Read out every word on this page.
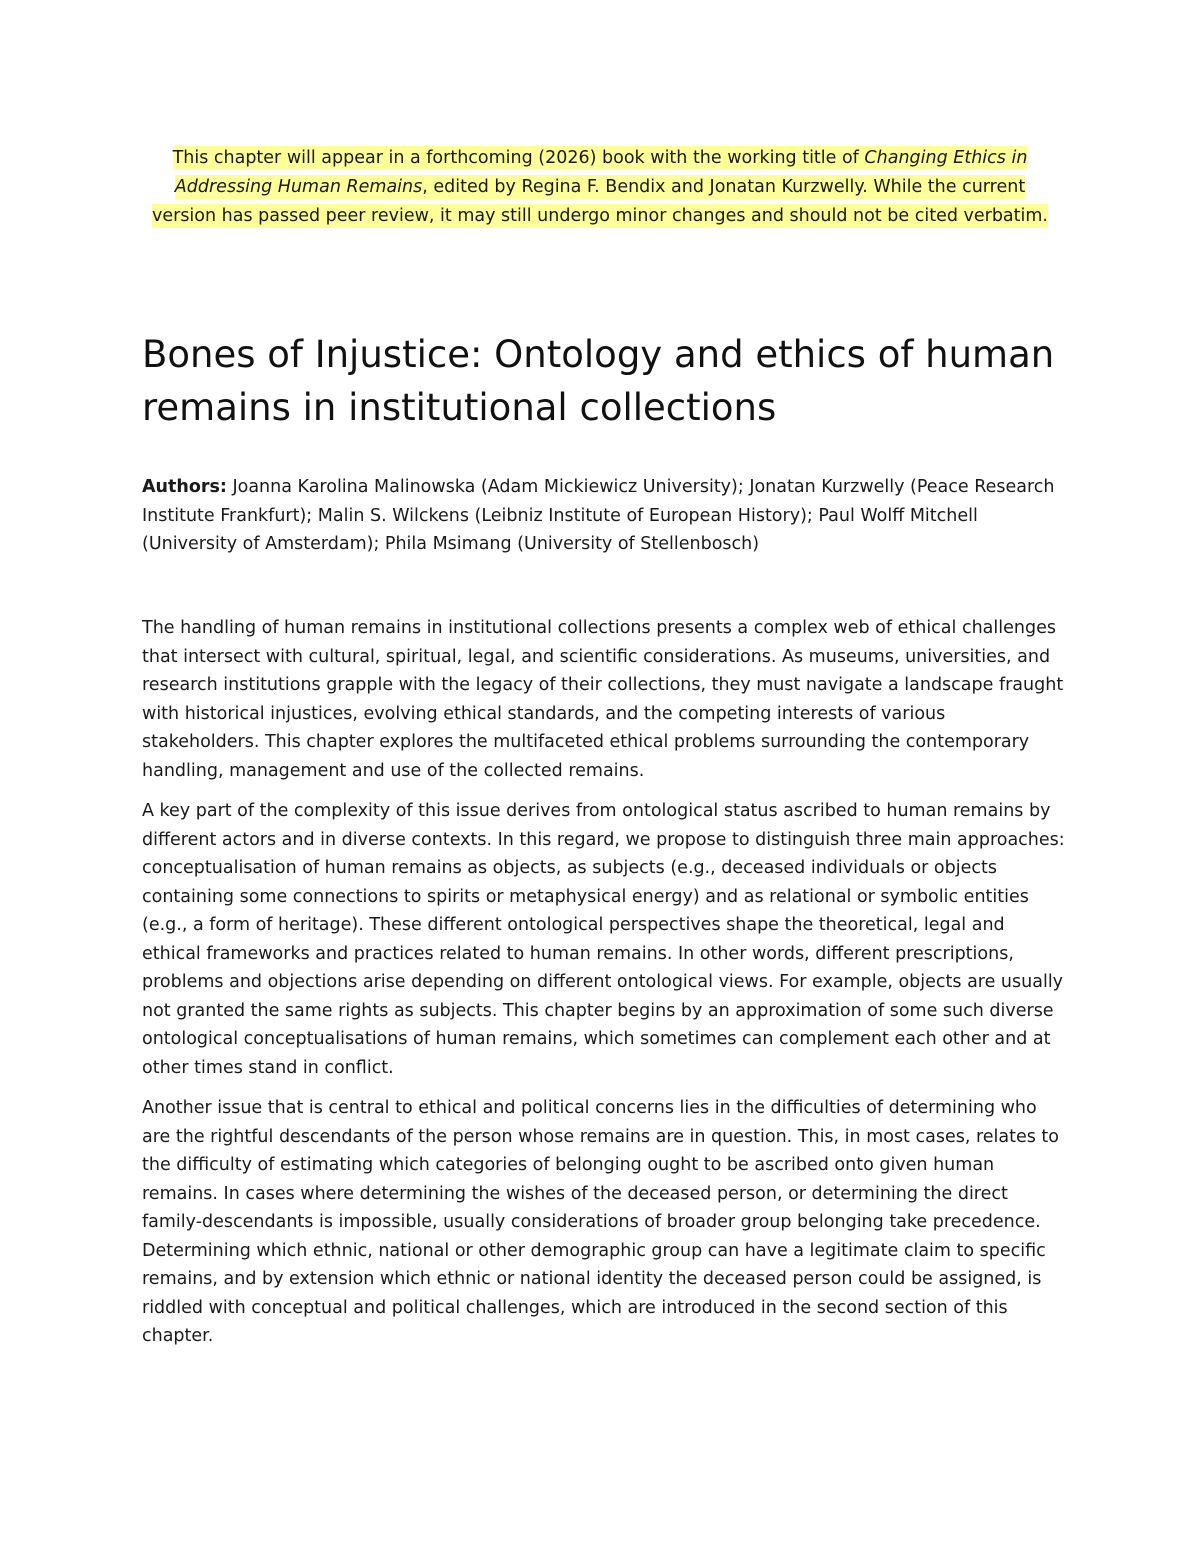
This chapter will appear in a forthcoming (2026) book with the working title of Changing Ethics in Addressing Human Remains, edited by Regina F. Bendix and Jonatan Kurzwelly. While the current version has passed peer review, it may still undergo minor changes and should not be cited verbatim.
Bones of Injustice: Ontology and ethics of human remains in institutional collections

Authors: Joanna Karolina Malinowska (Adam Mickiewicz University); Jonatan Kurzwelly (Peace Research Institute Frankfurt); Malin S. Wilckens (Leibniz Institute of European History); Paul Wolff Mitchell (University of Amsterdam); Phila Msimang (University of Stellenbosch)

The handling of human remains in institutional collections presents a complex web of ethical challenges that intersect with cultural, spiritual, legal, and scientific considerations. As museums, universities, and research institutions grapple with the legacy of their collections, they must navigate a landscape fraught with historical injustices, evolving ethical standards, and the competing interests of various stakeholders. This chapter explores the multifaceted ethical problems surrounding the contemporary handling, management and use of the collected remains.

A key part of the complexity of this issue derives from ontological status ascribed to human remains by different actors and in diverse contexts. In this regard, we propose to distinguish three main approaches: conceptualisation of human remains as objects, as subjects (e.g., deceased individuals or objects containing some connections to spirits or metaphysical energy) and as relational or symbolic entities (e.g., a form of heritage). These different ontological perspectives shape the theoretical, legal and ethical frameworks and practices related to human remains. In other words, different prescriptions, problems and objections arise depending on different ontological views. For example, objects are usually not granted the same rights as subjects. This chapter begins by an approximation of some such diverse ontological conceptualisations of human remains, which sometimes can complement each other and at other times stand in conflict.

Another issue that is central to ethical and political concerns lies in the difficulties of determining who are the rightful descendants of the person whose remains are in question. This, in most cases, relates to the difficulty of estimating which categories of belonging ought to be ascribed onto given human remains. In cases where determining the wishes of the deceased person, or determining the direct family-descendants is impossible, usually considerations of broader group belonging take precedence. Determining which ethnic, national or other demographic group can have a legitimate claim to specific remains, and by extension which ethnic or national identity the deceased person could be assigned, is riddled with conceptual and political challenges, which are introduced in the second section of this chapter.
